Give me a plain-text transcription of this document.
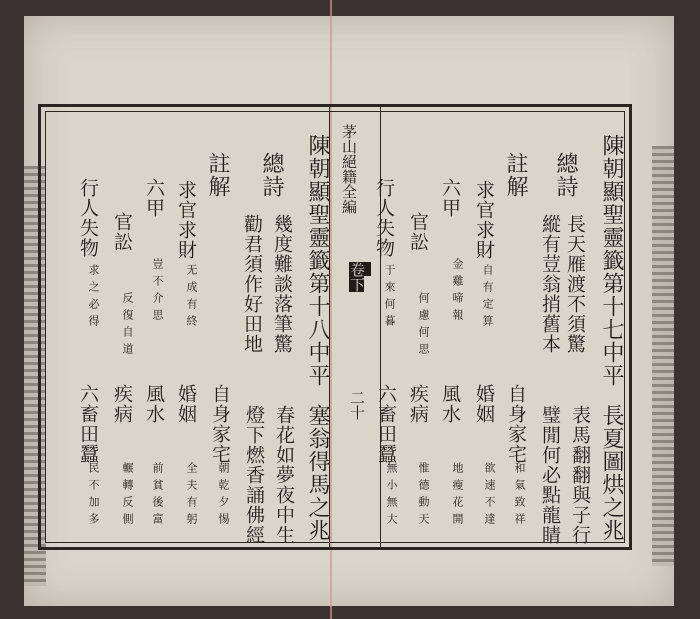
茅山絕籍全編
卷下
二十
陳朝顯聖靈籤第十七中平
長夏圖烘之兆
總詩
長天雁渡不須驚
表馬翻翻與子行
縱有荳翁捎舊本
璧閒何必點龍睛
註解
求官求財
自有定算
六甲
金雞啼報
官訟
何慮何思
行人失物
于來何暮
自身家宅
和氣致祥
婚姻
欲速不達
風水
地瘦花開
疾病
惟德動天
六畜田蠶
無小無大
陳朝顯聖靈籤第十八中平
塞翁得馬之兆
總詩
幾度難談落筆驚
春花如夢夜中生
勸君須作好田地
燈下燃香誦佛經
註解
求官求財
无成有終
六甲
豈不介思
官訟
反復自道
行人失物
求之必得
自身家宅
朝乾夕惕
婚姻
全夫有躬
風水
前貧後富
疾病
輾轉反側
六畜田蠶
民不加多
